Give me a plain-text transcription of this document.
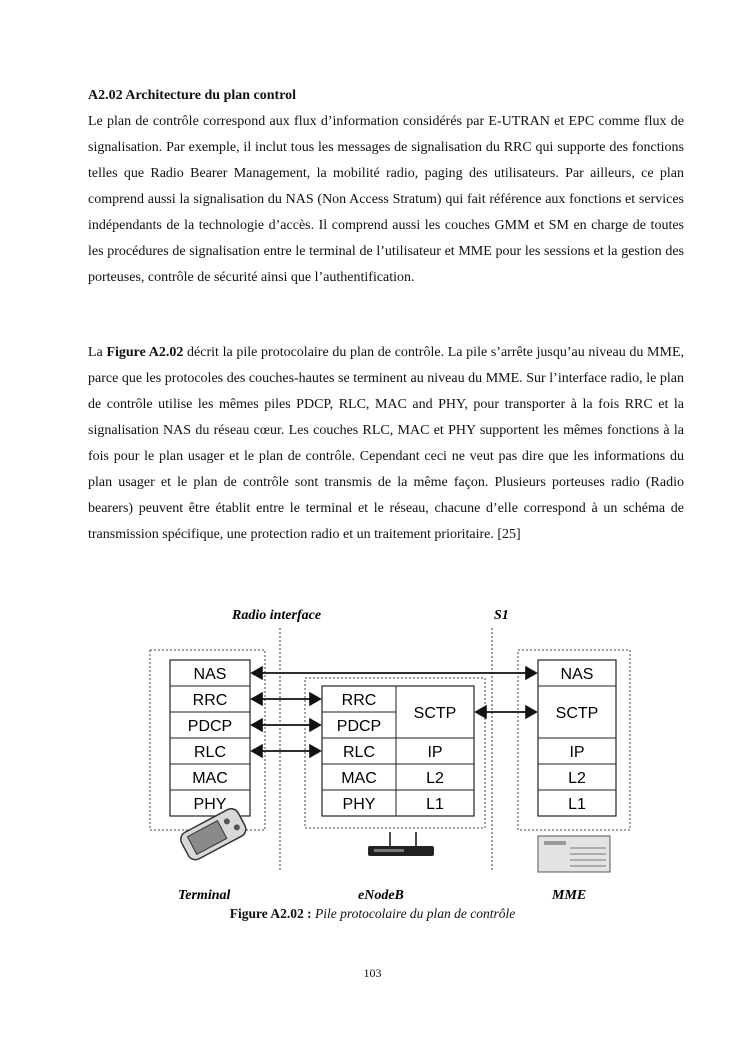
A2.02 Architecture du plan control

Le plan de contrôle correspond aux flux d’information considérés par E-UTRAN et EPC comme flux de signalisation. Par exemple, il inclut tous les messages de signalisation du RRC qui supporte des fonctions telles que Radio Bearer Management, la mobilité radio, paging des utilisateurs. Par ailleurs, ce plan comprend aussi la signalisation du NAS (Non Access Stratum) qui fait référence aux fonctions et services indépendants de la technologie d’accès. Il comprend aussi les couches GMM et SM en charge de toutes les procédures de signalisation entre le terminal de l’utilisateur et MME pour les sessions et la gestion des porteuses, contrôle de sécurité ainsi que l’authentification.

La Figure A2.02 décrit la pile protocolaire du plan de contrôle. La pile s’arrête jusqu’au niveau du MME, parce que les protocoles des couches-hautes se terminent au niveau du MME. Sur l’interface radio, le plan de contrôle utilise les mêmes piles PDCP, RLC, MAC and PHY, pour transporter à la fois RRC et la signalisation NAS du réseau cœur. Les couches RLC, MAC et PHY supportent les mêmes fonctions à la fois pour le plan usager et le plan de contrôle. Cependant ceci ne veut pas dire que les informations du plan usager et le plan de contrôle sont transmis de la même façon. Plusieurs porteuses radio (Radio bearers) peuvent être établit entre le terminal et le réseau, chacune d’elle correspond à un schéma de transmission spécifique, une protection radio et un traitement prioritaire. [25]

Radio interface	S1
NAS
RRC
PDCP
RLC
MAC
PHY
RRC
PDCP
RLC
MAC
PHY
SCTP
IP
L2
L1
NAS
SCTP
IP
L2
L1
Terminal	eNodeB	MME
Figure A2.02 : Pile protocolaire du plan de contrôle
103
